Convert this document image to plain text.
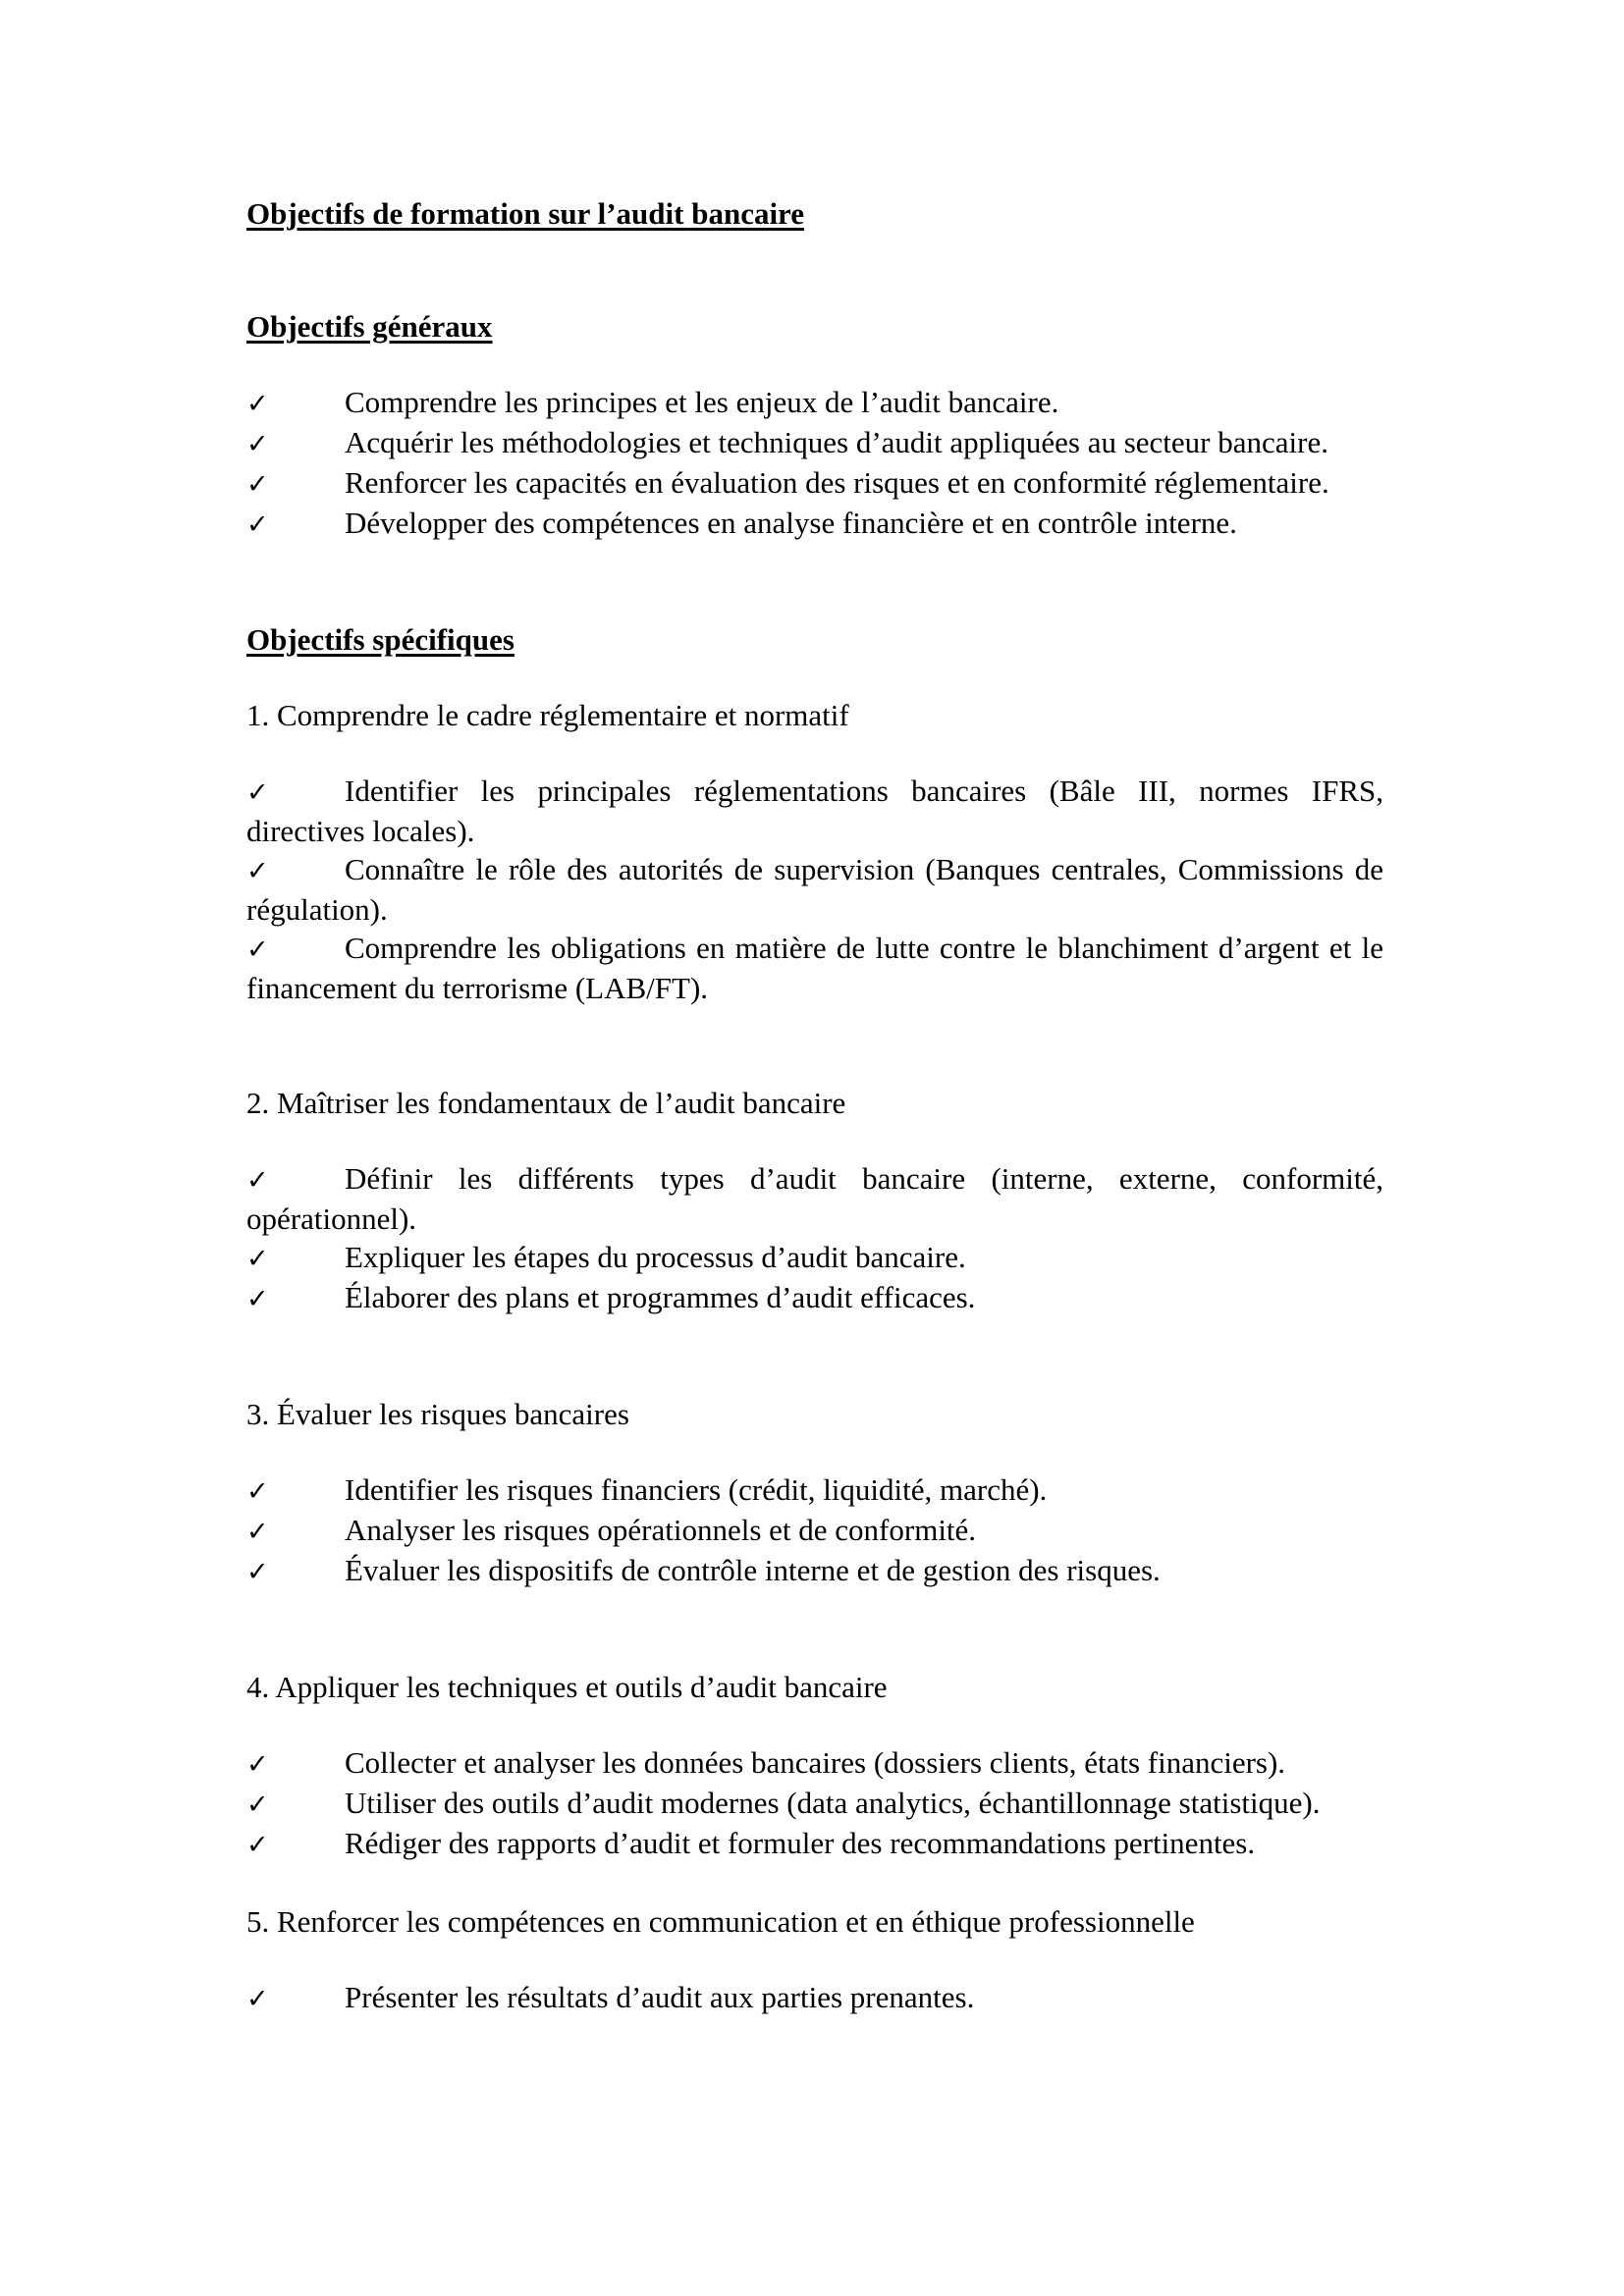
Objectifs de formation sur l’audit bancaire
Objectifs généraux
✓ Comprendre les principes et les enjeux de l’audit bancaire.
✓ Acquérir les méthodologies et techniques d’audit appliquées au secteur bancaire.
✓ Renforcer les capacités en évaluation des risques et en conformité réglementaire.
✓ Développer des compétences en analyse financière et en contrôle interne.
Objectifs spécifiques

1. Comprendre le cadre réglementaire et normatif

✓ Identifier les principales réglementations bancaires (Bâle III, normes IFRS, directives locales).
✓ Connaître le rôle des autorités de supervision (Banques centrales, Commissions de régulation).
✓ Comprendre les obligations en matière de lutte contre le blanchiment d’argent et le financement du terrorisme (LAB/FT).

2. Maîtriser les fondamentaux de l’audit bancaire

✓ Définir les différents types d’audit bancaire (interne, externe, conformité, opérationnel).
✓ Expliquer les étapes du processus d’audit bancaire.
✓ Élaborer des plans et programmes d’audit efficaces.

3. Évaluer les risques bancaires

✓ Identifier les risques financiers (crédit, liquidité, marché).
✓ Analyser les risques opérationnels et de conformité.
✓ Évaluer les dispositifs de contrôle interne et de gestion des risques.

4. Appliquer les techniques et outils d’audit bancaire

✓ Collecter et analyser les données bancaires (dossiers clients, états financiers).
✓ Utiliser des outils d’audit modernes (data analytics, échantillonnage statistique).
✓ Rédiger des rapports d’audit et formuler des recommandations pertinentes.

5. Renforcer les compétences en communication et en éthique professionnelle

✓ Présenter les résultats d’audit aux parties prenantes.
